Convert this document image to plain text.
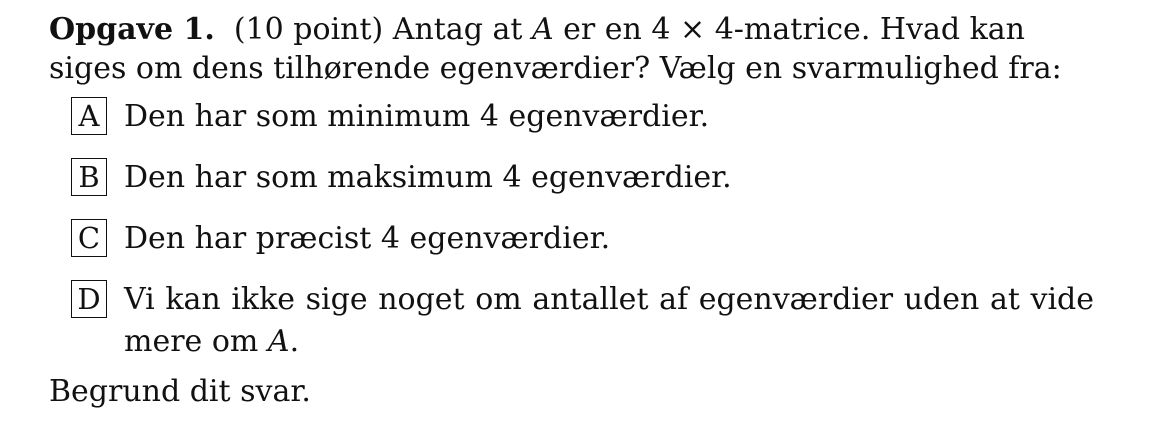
Opgave 1. (10 point) Antag at A er en 4 × 4-matrice. Hvad kan siges om dens tilhørende egenværdier? Vælg en svarmulighed fra:

A Den har som minimum 4 egenværdier.
B Den har som maksimum 4 egenværdier.
C Den har præcist 4 egenværdier.
D Vi kan ikke sige noget om antallet af egenværdier uden at vide mere om A.

Begrund dit svar.
